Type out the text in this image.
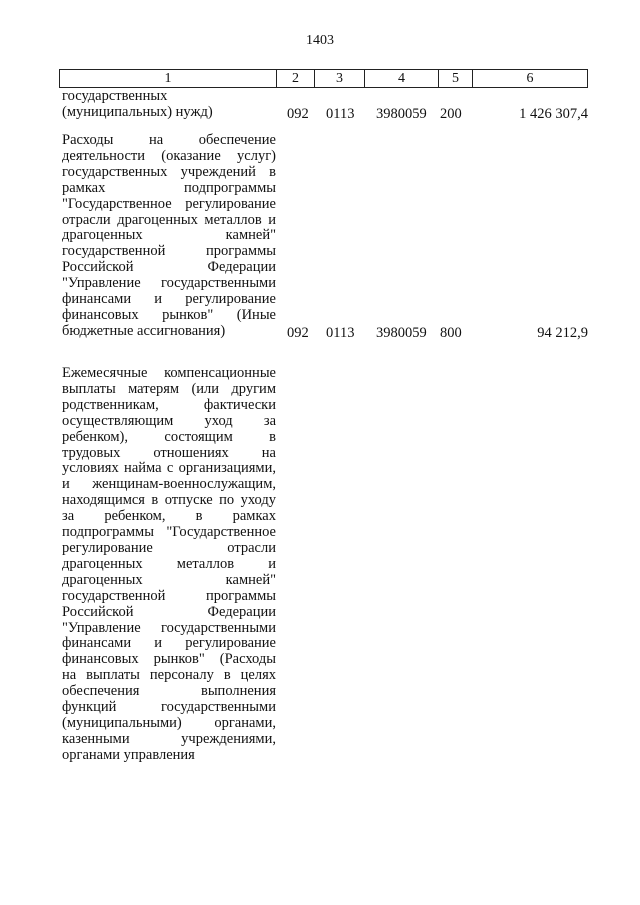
1403
1	2	3	4	5	6
государственных
(муниципальных) нужд)	092 0113 3980059 200	1 426 307,4
Расходы на обеспечение
деятельности (оказание услуг)
государственных учреждений в
рамках подпрограммы
"Государственное регулирование
отрасли драгоценных металлов и
драгоценных камней"
государственной программы
Российской Федерации
"Управление государственными
финансами и регулирование
финансовых рынков" (Иные
бюджетные ассигнования)	092 0113 3980059 800	94 212,9
Ежемесячные компенсационные
выплаты матерям (или другим
родственникам, фактически
осуществляющим уход за
ребенком), состоящим в
трудовых отношениях на
условиях найма с организациями,
и женщинам-военнослужащим,
находящимся в отпуске по уходу
за ребенком, в рамках
подпрограммы "Государственное
регулирование отрасли
драгоценных металлов и
драгоценных камней"
государственной программы
Российской Федерации
"Управление государственными
финансами и регулирование
финансовых рынков" (Расходы
на выплаты персоналу в целях
обеспечения выполнения
функций государственными
(муниципальными) органами,
казенными учреждениями,
органами управления
